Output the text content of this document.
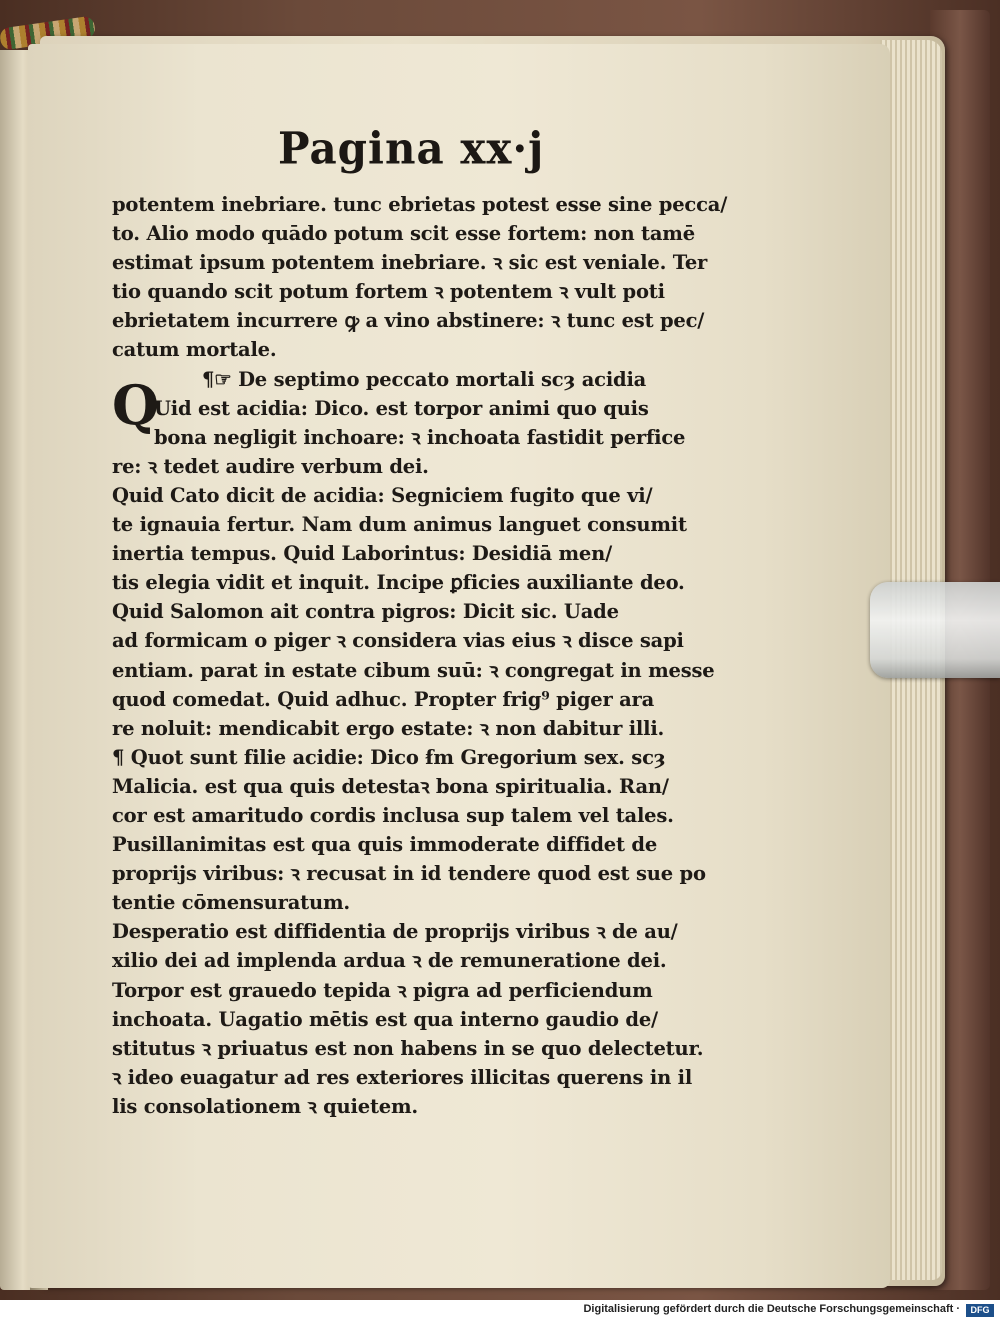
Pagina xx·j
Q
potentem inebriare. tunc ebrietas potest esse sine pecca/
to. Alio modo quādo potum scit esse fortem: non tamē
estimat ipsum potentem inebriare. ꝛ sic est veniale. Ter
tio quando scit potum fortem ꝛ potentem ꝛ vult poti
ebrietatem incurrere ꝙ a vino abstinere: ꝛ tunc est pec/
catum mortale.
¶☞ De septimo peccato mortali scȝ acidia
Uid est acidia: Dico. est torpor animi quo quis
bona negligit inchoare: ꝛ inchoata fastidit perfice
re: ꝛ tedet audire verbum dei.
Quid Cato dicit de acidia: Segniciem fugito que vi/
te ignauia fertur. Nam dum animus languet consumit
inertia tempus. Quid Laborintus: Desidiā men/
tis elegia vidit et inquit. Incipe ꝑficies auxiliante deo.
Quid Salomon ait contra pigros: Dicit sic. Uade
ad formicam o piger ꝛ considera vias eius ꝛ disce sapi
entiam. parat in estate cibum suū: ꝛ congregat in messe
quod comedat. Quid adhuc. Propter frig⁹ piger ara
re noluit: mendicabit ergo estate: ꝛ non dabitur illi.
¶ Quot sunt filie acidie: Dico ẜm Gregorium sex. scȝ
Malicia. est qua quis detestaꝛ bona spiritualia. Ran/
cor est amaritudo cordis inclusa sup talem vel tales.
Pusillanimitas est qua quis immoderate diffidet de
proprijs viribus: ꝛ recusat in id tendere quod est sue po
tentie cōmensuratum.
Desperatio est diffidentia de proprijs viribus ꝛ de au/
xilio dei ad implenda ardua ꝛ de remuneratione dei.
Torpor est grauedo tepida ꝛ pigra ad perficiendum
inchoata. Uagatio mētis est qua interno gaudio de/
stitutus ꝛ priuatus est non habens in se quo delectetur.
ꝛ ideo euagatur ad res exteriores illicitas querens in il
lis consolationem ꝛ quietem.
Digitalisierung gefördert durch die Deutsche Forschungsgemeinschaft ·	DFG
